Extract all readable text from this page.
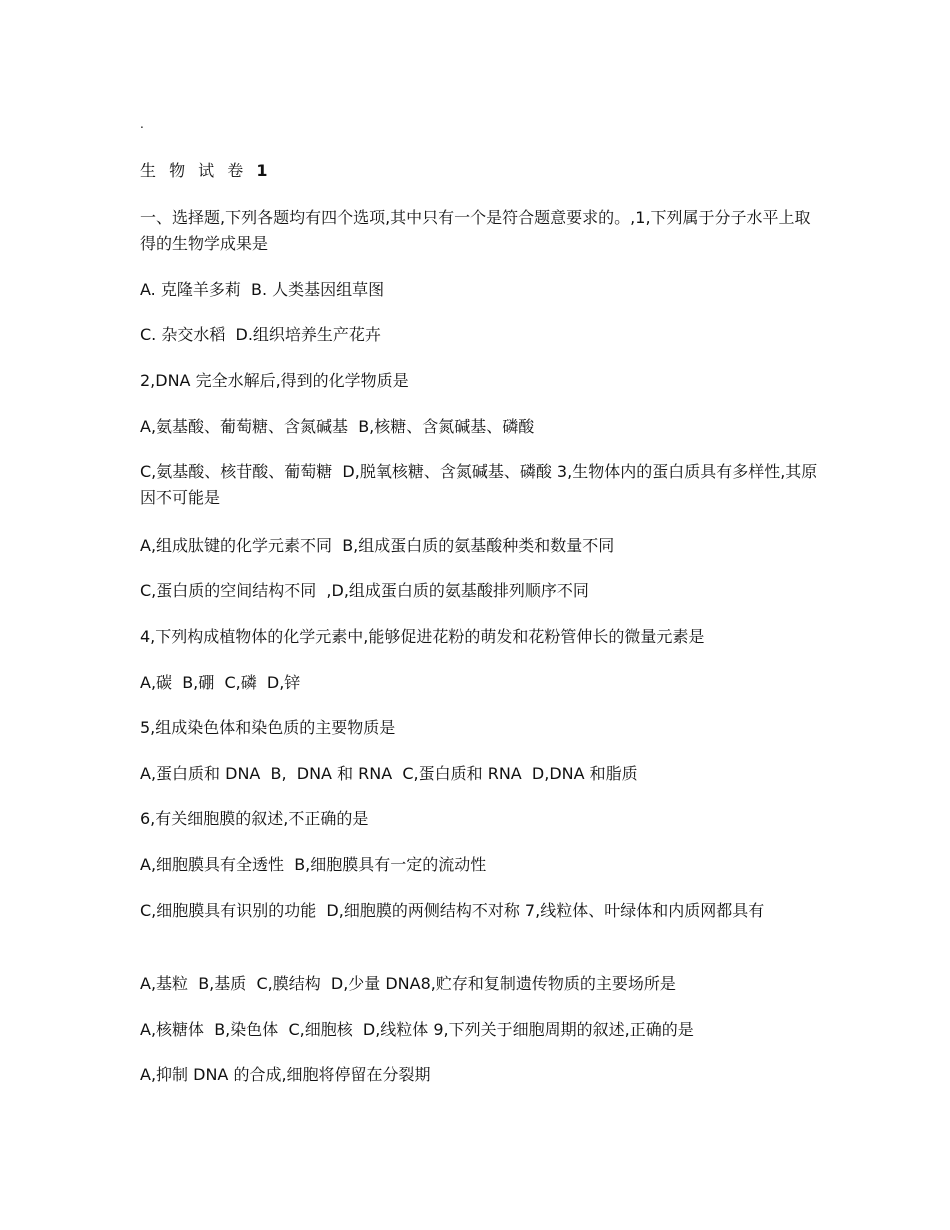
.
生 物 试 卷 1
一、选择题,下列各题均有四个选项,其中只有一个是符合题意要求的。,1,下列属于分子水平上取得的生物学成果是
A. 克隆羊多莉  B. 人类基因组草图
C. 杂交水稻  D.组织培养生产花卉
2,DNA 完全水解后,得到的化学物质是
A,氨基酸、葡萄糖、含氮碱基  B,核糖、含氮碱基、磷酸
C,氨基酸、核苷酸、葡萄糖  D,脱氧核糖、含氮碱基、磷酸 3,生物体内的蛋白质具有多样性,其原因不可能是
A,组成肽键的化学元素不同  B,组成蛋白质的氨基酸种类和数量不同
C,蛋白质的空间结构不同  ,D,组成蛋白质的氨基酸排列顺序不同
4,下列构成植物体的化学元素中,能够促进花粉的萌发和花粉管伸长的微量元素是
A,碳  B,硼  C,磷  D,锌
5,组成染色体和染色质的主要物质是
A,蛋白质和 DNA  B,  DNA 和 RNA  C,蛋白质和 RNA  D,DNA 和脂质
6,有关细胞膜的叙述,不正确的是
A,细胞膜具有全透性  B,细胞膜具有一定的流动性
C,细胞膜具有识别的功能  D,细胞膜的两侧结构不对称 7,线粒体、叶绿体和内质网都具有
A,基粒  B,基质  C,膜结构  D,少量 DNA8,贮存和复制遗传物质的主要场所是
A,核糖体  B,染色体  C,细胞核  D,线粒体 9,下列关于细胞周期的叙述,正确的是
A,抑制 DNA 的合成,细胞将停留在分裂期
